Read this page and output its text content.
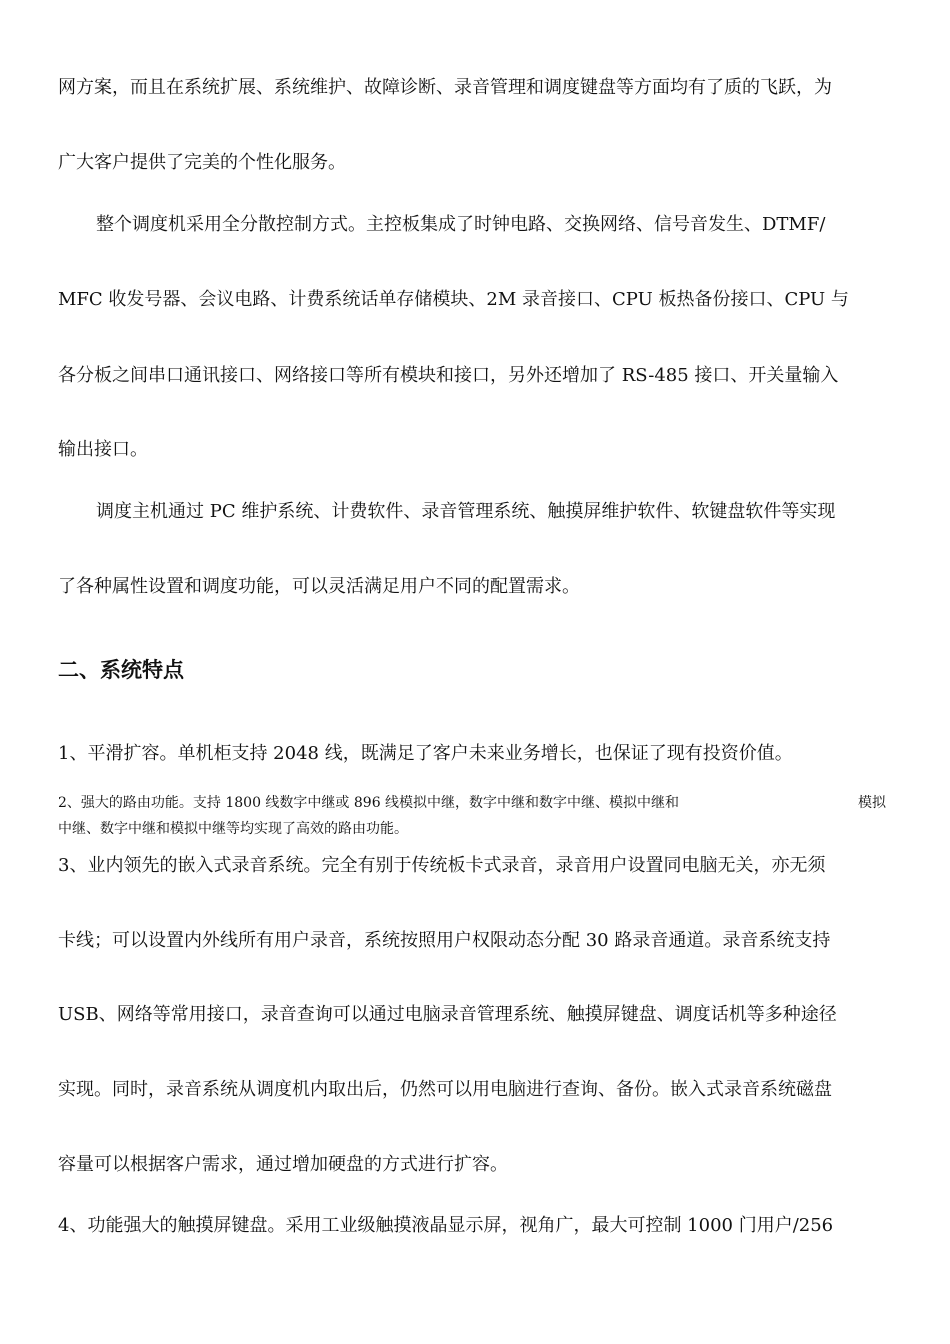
网方案，而且在系统扩展、系统维护、故障诊断、录音管理和调度键盘等方面均有了质的飞跃，为
广大客户提供了完美的个性化服务。
整个调度机采用全分散控制方式。主控板集成了时钟电路、交换网络、信号音发生、DTMF/
MFC 收发号器、会议电路、计费系统话单存储模块、2M 录音接口、CPU 板热备份接口、CPU 与
各分板之间串口通讯接口、网络接口等所有模块和接口，另外还增加了 RS-485 接口、开关量输入
输出接口。
调度主机通过 PC 维护系统、计费软件、录音管理系统、触摸屏维护软件、软键盘软件等实现
了各种属性设置和调度功能，可以灵活满足用户不同的配置需求。
二、系统特点
1、平滑扩容。单机柜支持 2048 线，既满足了客户未来业务增长，也保证了现有投资价值。
2、强大的路由功能。支持 1800 线数字中继或 896 线模拟中继，数字中继和数字中继、模拟中继和	模拟
中继、数字中继和模拟中继等均实现了高效的路由功能。
3、业内领先的嵌入式录音系统。完全有别于传统板卡式录音，录音用户设置同电脑无关，亦无须
卡线；可以设置内外线所有用户录音，系统按照用户权限动态分配 30 路录音通道。录音系统支持
USB、网络等常用接口，录音查询可以通过电脑录音管理系统、触摸屏键盘、调度话机等多种途径
实现。同时，录音系统从调度机内取出后，仍然可以用电脑进行查询、备份。嵌入式录音系统磁盘
容量可以根据客户需求，通过增加硬盘的方式进行扩容。
4、功能强大的触摸屏键盘。采用工业级触摸液晶显示屏，视角广，最大可控制 1000 门用户/256
